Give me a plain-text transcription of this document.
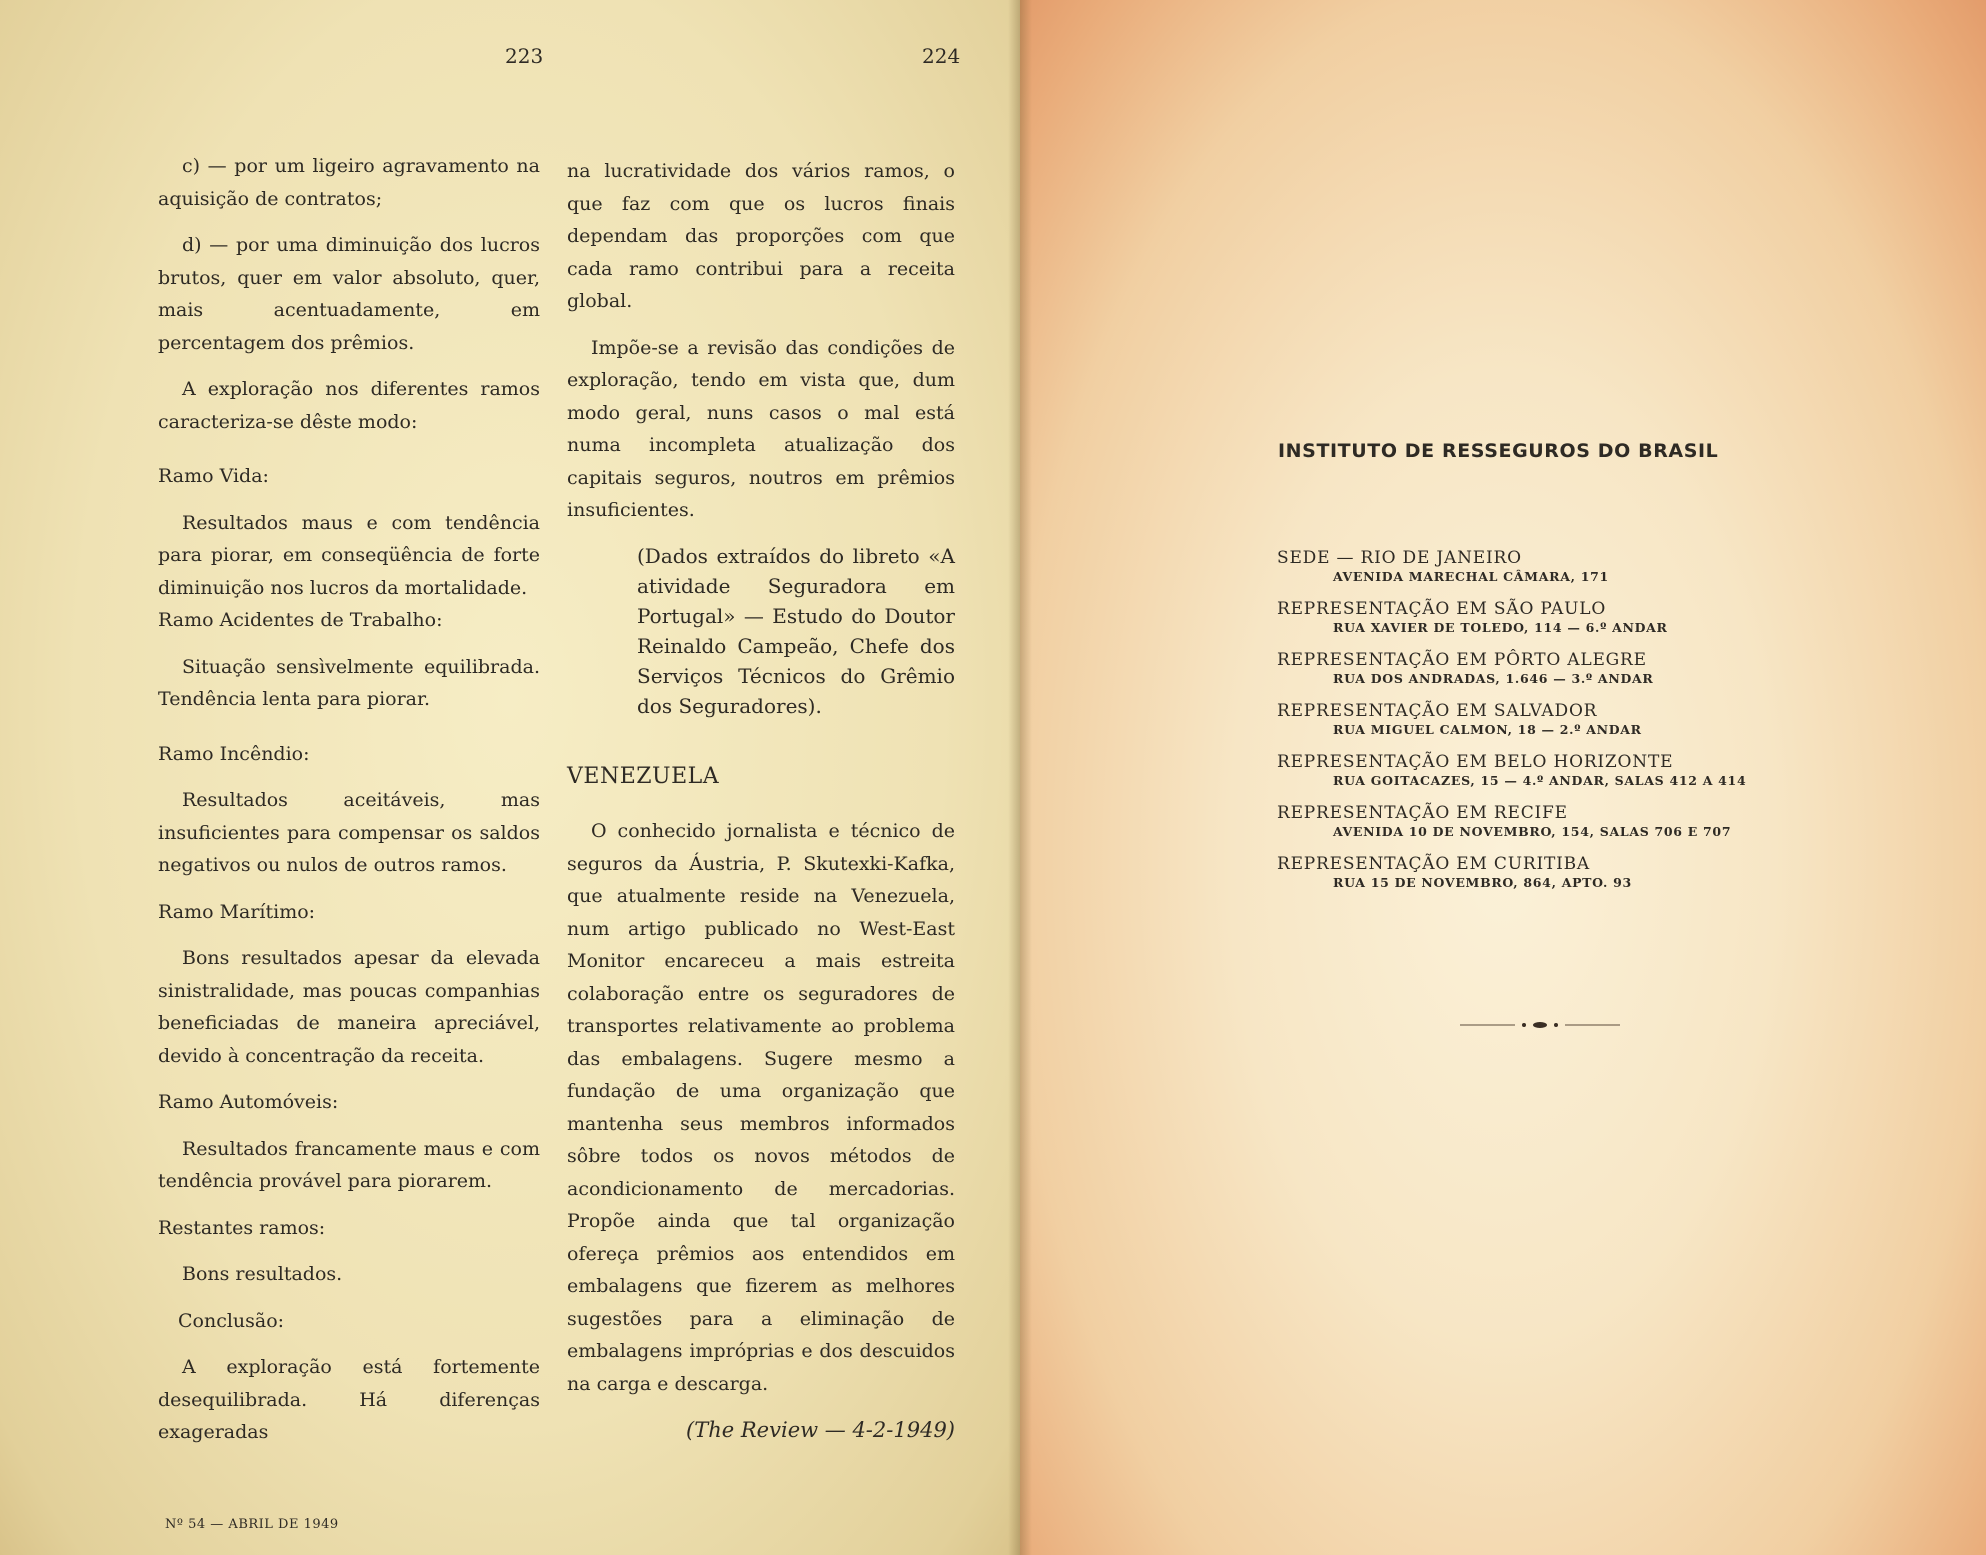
223	224

c) — por um ligeiro agravamento na aquisição de contratos;

d) — por uma diminuição dos lucros brutos, quer em valor absoluto, quer, mais acentuadamente, em percentagem dos prêmios.

A exploração nos diferentes ramos caracteriza-se dêste modo:

Ramo Vida:

Resultados maus e com tendência para piorar, em conseqüência de forte diminuição nos lucros da mortalidade.

Ramo Acidentes de Trabalho:

Situação sensìvelmente equilibrada. Tendência lenta para piorar.

Ramo Incêndio:

Resultados aceitáveis, mas insuficientes para compensar os saldos negativos ou nulos de outros ramos.

Ramo Marítimo:

Bons resultados apesar da elevada sinistralidade, mas poucas companhias beneficiadas de maneira apreciável, devido à concentração da receita.

Ramo Automóveis:

Resultados francamente maus e com tendência provável para piorarem.

Restantes ramos:

Bons resultados.

Conclusão:

A exploração está fortemente desequilibrada. Há diferenças exageradas

na lucratividade dos vários ramos, o que faz com que os lucros finais dependam das proporções com que cada ramo contribui para a receita global.

Impõe-se a revisão das condições de exploração, tendo em vista que, dum modo geral, nuns casos o mal está numa incompleta atualização dos capitais seguros, noutros em prêmios insuficientes.

(Dados extraídos do libreto «A atividade Seguradora em Portugal» — Estudo do Doutor Reinaldo Campeão, Chefe dos Serviços Técnicos do Grêmio dos Seguradores).

VENEZUELA

O conhecido jornalista e técnico de seguros da Áustria, P. Skutexki-Kafka, que atualmente reside na Venezuela, num artigo publicado no West-East Monitor encareceu a mais estreita colaboração entre os seguradores de transportes relativamente ao problema das embalagens. Sugere mesmo a fundação de uma organização que mantenha seus membros informados sôbre todos os novos métodos de acondicionamento de mercadorias. Propõe ainda que tal organização ofereça prêmios aos entendidos em embalagens que fizerem as melhores sugestões para a eliminação de embalagens impróprias e dos descuidos na carga e descarga.

(The Review — 4-2-1949)

Nº 54 — ABRIL DE 1949
INSTITUTO DE RESSEGUROS DO BRASIL
SEDE — RIO DE JANEIRO
AVENIDA MARECHAL CÂMARA, 171
REPRESENTAÇÃO EM SÃO PAULO
RUA XAVIER DE TOLEDO, 114 — 6.º ANDAR
REPRESENTAÇÃO EM PÔRTO ALEGRE
RUA DOS ANDRADAS, 1.646 — 3.º ANDAR
REPRESENTAÇÃO EM SALVADOR
RUA MIGUEL CALMON, 18 — 2.º ANDAR
REPRESENTAÇÃO EM BELO HORIZONTE
RUA GOITACAZES, 15 — 4.º ANDAR, SALAS 412 A 414
REPRESENTAÇÃO EM RECIFE
AVENIDA 10 DE NOVEMBRO, 154, SALAS 706 E 707
REPRESENTAÇÃO EM CURITIBA
RUA 15 DE NOVEMBRO, 864, APTO. 93
